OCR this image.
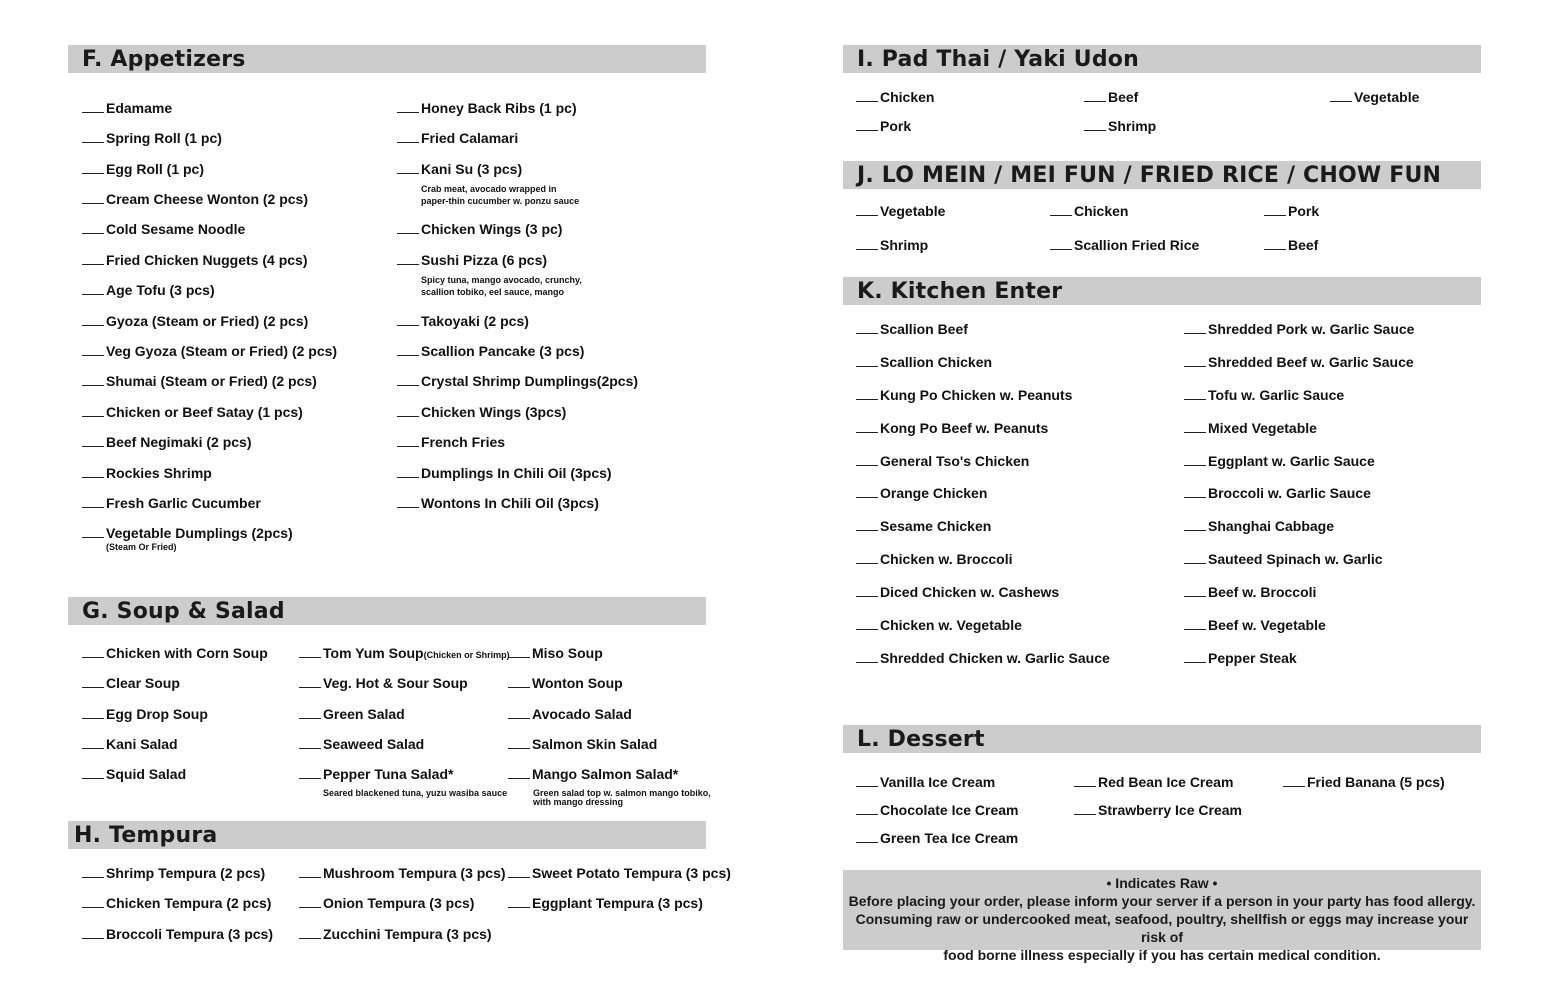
F. Appetizers
G. Soup & Salad
H. Tempura
I. Pad Thai / Yaki Udon
J. LO MEIN / MEI FUN / FRIED RICE / CHOW FUN
K. Kitchen Enter
L. Dessert
Edamame
Spring Roll (1 pc)
Egg Roll (1 pc)
Cream Cheese Wonton (2 pcs)
Cold Sesame Noodle
Fried Chicken Nuggets (4 pcs)
Age Tofu (3 pcs)
Gyoza (Steam or Fried) (2 pcs)
Veg Gyoza (Steam or Fried) (2 pcs)
Shumai (Steam or Fried) (2 pcs)
Chicken or Beef Satay (1 pcs)
Beef Negimaki (2 pcs)
Rockies Shrimp
Fresh Garlic Cucumber
Vegetable Dumplings (2pcs)
(Steam Or Fried)
Honey Back Ribs (1 pc)
Fried Calamari
Kani Su (3 pcs)
Crab meat, avocado wrapped in
paper-thin cucumber w. ponzu sauce
Chicken Wings (3 pc)
Sushi Pizza (6 pcs)
Spicy tuna, mango avocado, crunchy,
scallion tobiko, eel sauce, mango
Takoyaki (2 pcs)
Scallion Pancake (3 pcs)
Crystal Shrimp Dumplings(2pcs)
Chicken Wings (3pcs)
French Fries
Dumplings In Chili Oil (3pcs)
Wontons In Chili Oil (3pcs)
Chicken with Corn Soup
Clear Soup
Egg Drop Soup
Kani Salad
Squid Salad
Tom Yum Soup(Chicken or Shrimp)
Veg. Hot & Sour Soup
Green Salad
Seaweed Salad
Pepper Tuna Salad*
Seared blackened tuna, yuzu wasiba sauce
Miso Soup
Wonton Soup
Avocado Salad
Salmon Skin Salad
Mango Salmon Salad*
Green salad top w. salmon mango tobiko,
with mango dressing
Shrimp Tempura (2 pcs)
Chicken Tempura (2 pcs)
Broccoli Tempura (3 pcs)
Mushroom Tempura (3 pcs)
Onion Tempura (3 pcs)
Zucchini Tempura (3 pcs)
Sweet Potato Tempura (3 pcs)
Eggplant Tempura (3 pcs)
Chicken	Beef	Vegetable
Pork	Shrimp
Vegetable	Chicken	Pork
Shrimp	Scallion Fried Rice	Beef
Scallion Beef
Scallion Chicken
Kung Po Chicken w. Peanuts
Kong Po Beef w. Peanuts
General Tso's Chicken
Orange Chicken
Sesame Chicken
Chicken w. Broccoli
Diced Chicken w. Cashews
Chicken w. Vegetable
Shredded Chicken w. Garlic Sauce
Shredded Pork w. Garlic Sauce
Shredded Beef w. Garlic Sauce
Tofu w. Garlic Sauce
Mixed Vegetable
Eggplant w. Garlic Sauce
Broccoli w. Garlic Sauce
Shanghai Cabbage
Sauteed Spinach w. Garlic
Beef w. Broccoli
Beef w. Vegetable
Pepper Steak
Vanilla Ice Cream	Red Bean Ice Cream	Fried Banana (5 pcs)
Chocolate Ice Cream	Strawberry Ice Cream
Green Tea Ice Cream
• Indicates Raw •
Before placing your order, please inform your server if a person in your party has food allergy.
Consuming raw or undercooked meat, seafood, poultry, shellfish or eggs may increase your risk of
food borne illness especially if you has certain medical condition.
